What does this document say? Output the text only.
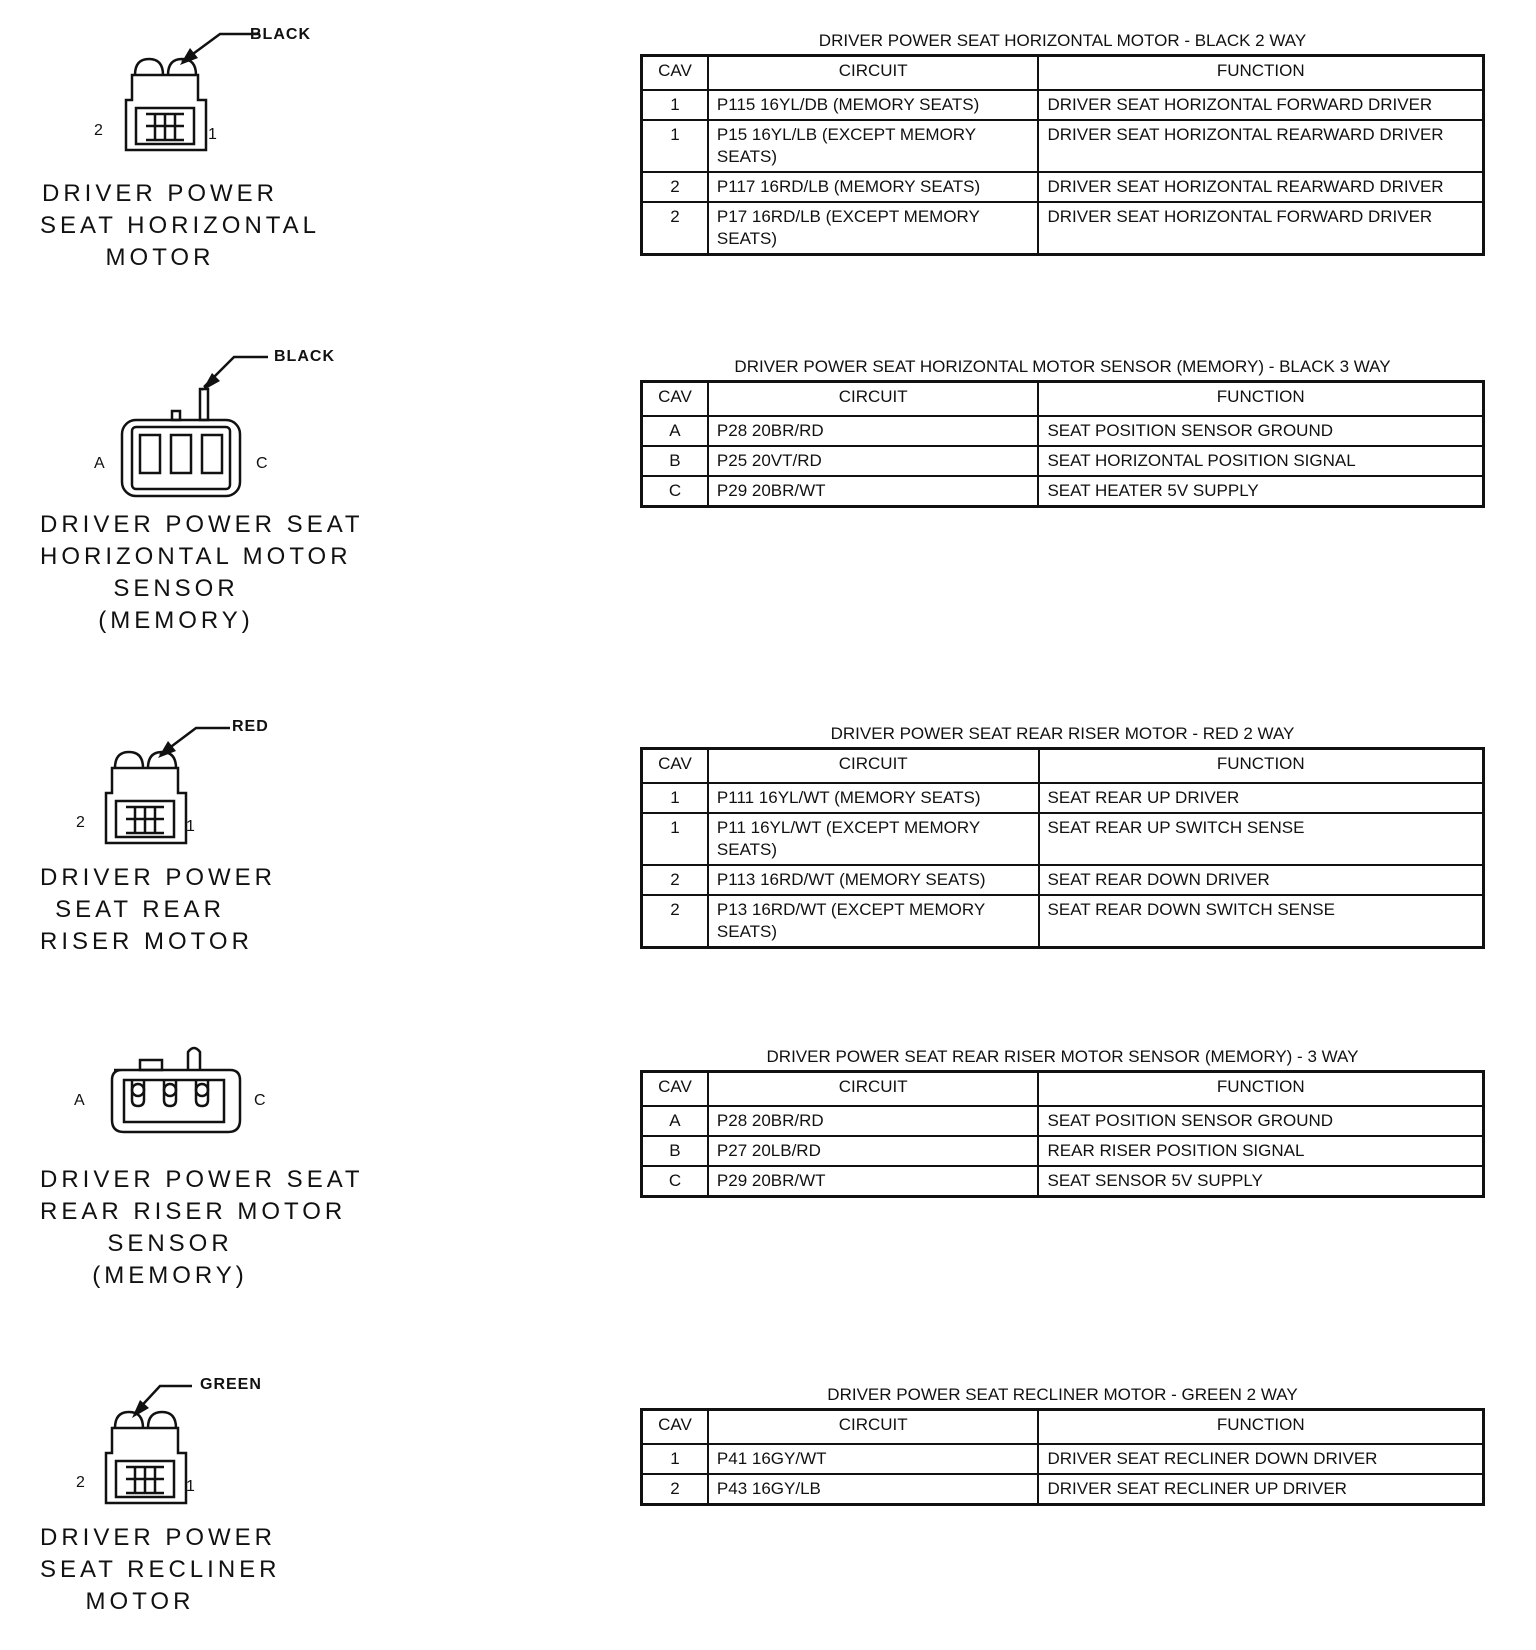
BLACK
2	1
DRIVER POWER
SEAT HORIZONTAL
MOTOR
DRIVER POWER SEAT HORIZONTAL MOTOR - BLACK 2 WAY
CAV	CIRCUIT	FUNCTION
1	P115 16YL/DB (MEMORY SEATS)	DRIVER SEAT HORIZONTAL FORWARD DRIVER
1	P15 16YL/LB (EXCEPT MEMORY SEATS)	DRIVER SEAT HORIZONTAL REARWARD DRIVER
2	P117 16RD/LB (MEMORY SEATS)	DRIVER SEAT HORIZONTAL REARWARD DRIVER
2	P17 16RD/LB (EXCEPT MEMORY SEATS)	DRIVER SEAT HORIZONTAL FORWARD DRIVER
BLACK
A	C
DRIVER POWER SEAT
HORIZONTAL MOTOR
SENSOR
(MEMORY)
DRIVER POWER SEAT HORIZONTAL MOTOR SENSOR (MEMORY) - BLACK 3 WAY
CAV	CIRCUIT	FUNCTION
A	P28 20BR/RD	SEAT POSITION SENSOR GROUND
B	P25 20VT/RD	SEAT HORIZONTAL POSITION SIGNAL
C	P29 20BR/WT	SEAT HEATER 5V SUPPLY
RED
2	1
DRIVER POWER
SEAT REAR
RISER MOTOR
DRIVER POWER SEAT REAR RISER MOTOR - RED 2 WAY
CAV	CIRCUIT	FUNCTION
1	P111 16YL/WT (MEMORY SEATS)	SEAT REAR UP DRIVER
1	P11 16YL/WT (EXCEPT MEMORY SEATS)	SEAT REAR UP SWITCH SENSE
2	P113 16RD/WT (MEMORY SEATS)	SEAT REAR DOWN DRIVER
2	P13 16RD/WT (EXCEPT MEMORY SEATS)	SEAT REAR DOWN SWITCH SENSE
A	C
DRIVER POWER SEAT
REAR RISER MOTOR
SENSOR
(MEMORY)
DRIVER POWER SEAT REAR RISER MOTOR SENSOR (MEMORY) - 3 WAY
CAV	CIRCUIT	FUNCTION
A	P28 20BR/RD	SEAT POSITION SENSOR GROUND
B	P27 20LB/RD	REAR RISER POSITION SIGNAL
C	P29 20BR/WT	SEAT SENSOR 5V SUPPLY
GREEN
2	1
DRIVER POWER
SEAT RECLINER
MOTOR
DRIVER POWER SEAT RECLINER MOTOR - GREEN 2 WAY
CAV	CIRCUIT	FUNCTION
1	P41 16GY/WT	DRIVER SEAT RECLINER DOWN DRIVER
2	P43 16GY/LB	DRIVER SEAT RECLINER UP DRIVER
